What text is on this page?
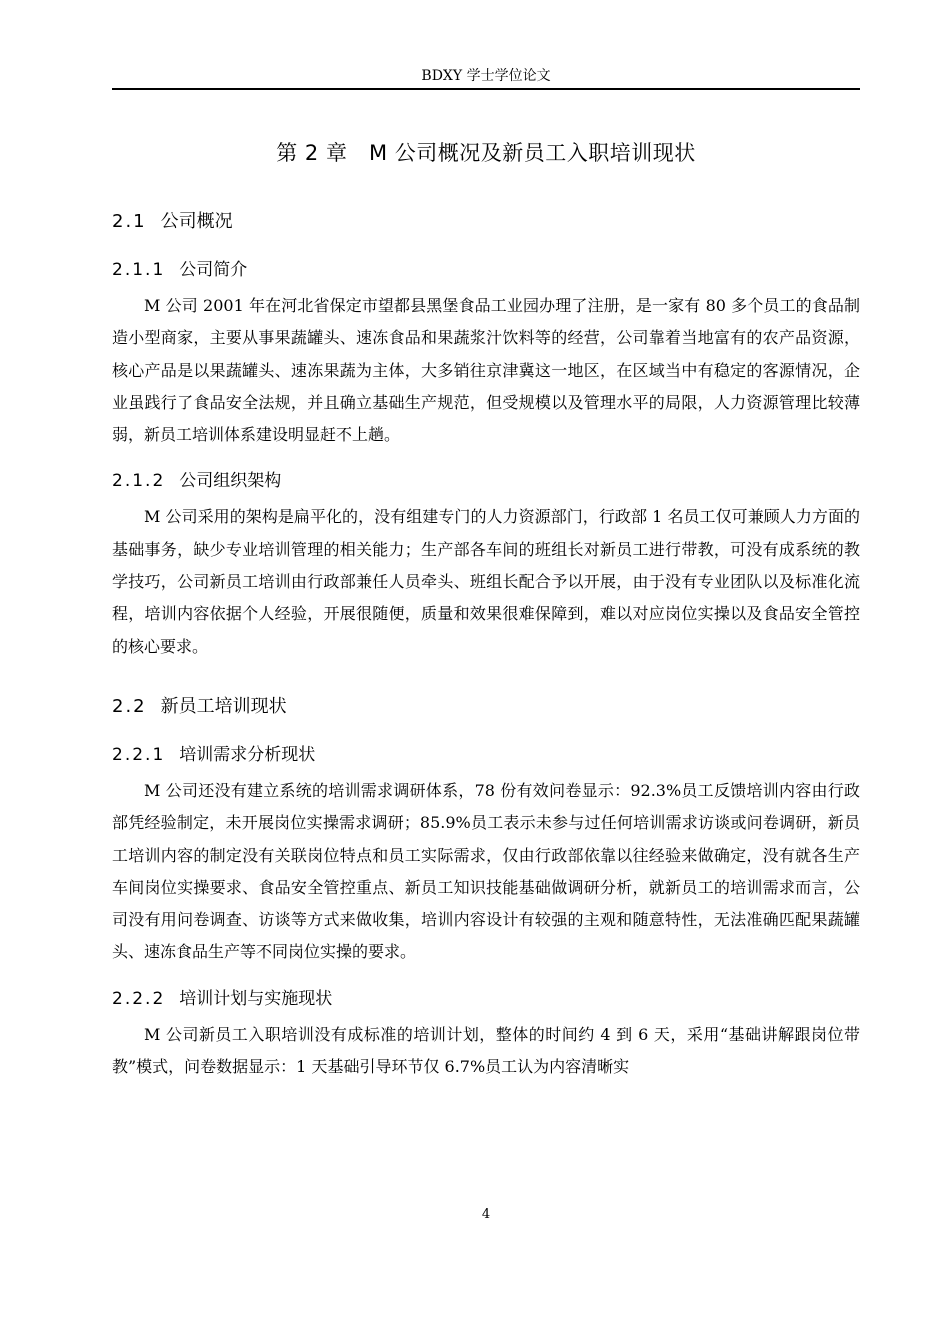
BDXY 学士学位论文
第 2 章　M 公司概况及新员工入职培训现状
2.1 公司概况
2.1.1 公司简介

M 公司 2001 年在河北省保定市望都县黑堡食品工业园办理了注册，是一家有 80 多个员工的食品制造小型商家，主要从事果蔬罐头、速冻食品和果蔬浆汁饮料等的经营，公司靠着当地富有的农产品资源，核心产品是以果蔬罐头、速冻果蔬为主体，大多销往京津冀这一地区，在区域当中有稳定的客源情况，企业虽践行了食品安全法规，并且确立基础生产规范，但受规模以及管理水平的局限，人力资源管理比较薄弱，新员工培训体系建设明显赶不上趟。

2.1.2 公司组织架构

M 公司采用的架构是扁平化的，没有组建专门的人力资源部门，行政部 1 名员工仅可兼顾人力方面的基础事务，缺少专业培训管理的相关能力；生产部各车间的班组长对新员工进行带教，可没有成系统的教学技巧，公司新员工培训由行政部兼任人员牵头、班组长配合予以开展，由于没有专业团队以及标准化流程，培训内容依据个人经验，开展很随便，质量和效果很难保障到，难以对应岗位实操以及食品安全管控的核心要求。

2.2 新员工培训现状
2.2.1 培训需求分析现状

M 公司还没有建立系统的培训需求调研体系，78 份有效问卷显示：92.3%员工反馈培训内容由行政部凭经验制定，未开展岗位实操需求调研；85.9%员工表示未参与过任何培训需求访谈或问卷调研，新员工培训内容的制定没有关联岗位特点和员工实际需求，仅由行政部依靠以往经验来做确定，没有就各生产车间岗位实操要求、食品安全管控重点、新员工知识技能基础做调研分析，就新员工的培训需求而言，公司没有用问卷调查、访谈等方式来做收集，培训内容设计有较强的主观和随意特性，无法准确匹配果蔬罐头、速冻食品生产等不同岗位实操的要求。

2.2.2 培训计划与实施现状

M 公司新员工入职培训没有成标准的培训计划，整体的时间约 4 到 6 天，采用“基础讲解跟岗位带教”模式，问卷数据显示：1 天基础引导环节仅 6.7%员工认为内容清晰实

4
